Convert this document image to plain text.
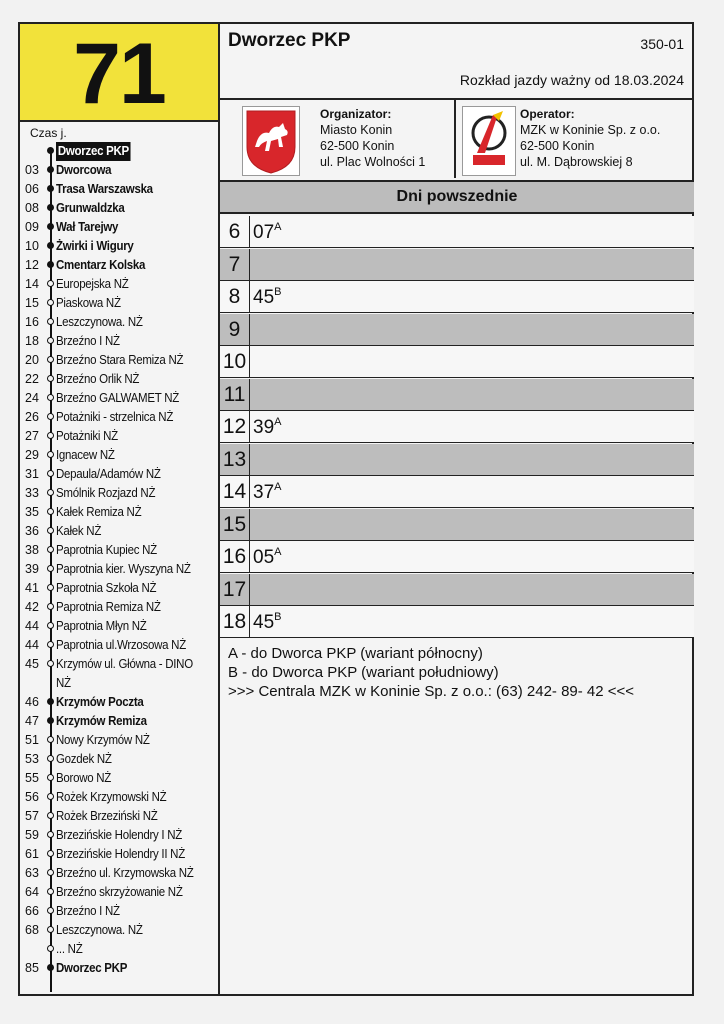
71
Czas j.
Dworzec PKP
03	Dworcowa
06	Trasa Warszawska
08	Grunwaldzka
09	Wał Tarejwy
10	Żwirki i Wigury
12	Cmentarz Kolska
14	Europejska NŻ
15	Piaskowa NŻ
16	Leszczynowa. NŻ
18	Brzeźno I NŻ
20	Brzeźno Stara Remiza NŻ
22	Brzeźno Orlik NŻ
24	Brzeźno GALWAMET NŻ
26	Potażniki - strzelnica NŻ
27	Potażniki NŻ
29	Ignacew NŻ
31	Depaula/Adamów NŻ
33	Smólnik Rozjazd NŻ
35	Kałek Remiza NŻ
36	Kałek NŻ
38	Paprotnia Kupiec NŻ
39	Paprotnia kier. Wyszyna NŻ
41	Paprotnia Szkoła NŻ
42	Paprotnia Remiza NŻ
44	Paprotnia Młyn NŻ
44	Paprotnia ul.Wrzosowa NŻ
45	Krzymów ul. Główna - DINO
NŻ
46	Krzymów Poczta
47	Krzymów Remiza
51	Nowy Krzymów NŻ
53	Gozdek NŻ
55	Borowo NŻ
56	Rożek Krzymowski NŻ
57	Rożek Brzeziński NŻ
59	Brzezińskie Holendry I NŻ
61	Brzezińskie Holendry II NŻ
63	Brzeźno ul. Krzymowska NŻ
64	Brzeźno skrzyżowanie NŻ
66	Brzeźno I NŻ
68	Leszczynowa. NŻ
... NŻ
85	Dworzec PKP
Dworzec PKP	350-01
Rozkład jazdy ważny od 18.03.2024
Organizator:
Miasto Konin
62-500 Konin
ul. Plac Wolności 1
Operator:
MZK w Koninie Sp. z o.o.
62-500 Konin
ul. M. Dąbrowskiej 8
Dni powszednie
6 $07^A$
7
8 $45^B$
9
10
11
12 $39^A$
13
14 $37^A$
15
16 $05^A$
17
18 $45^B$
A - do Dworca PKP (wariant północny)
B - do Dworca PKP (wariant południowy)
>>> Centrala MZK w Koninie Sp. z o.o.: (63) 242- 89- 42 <<<
